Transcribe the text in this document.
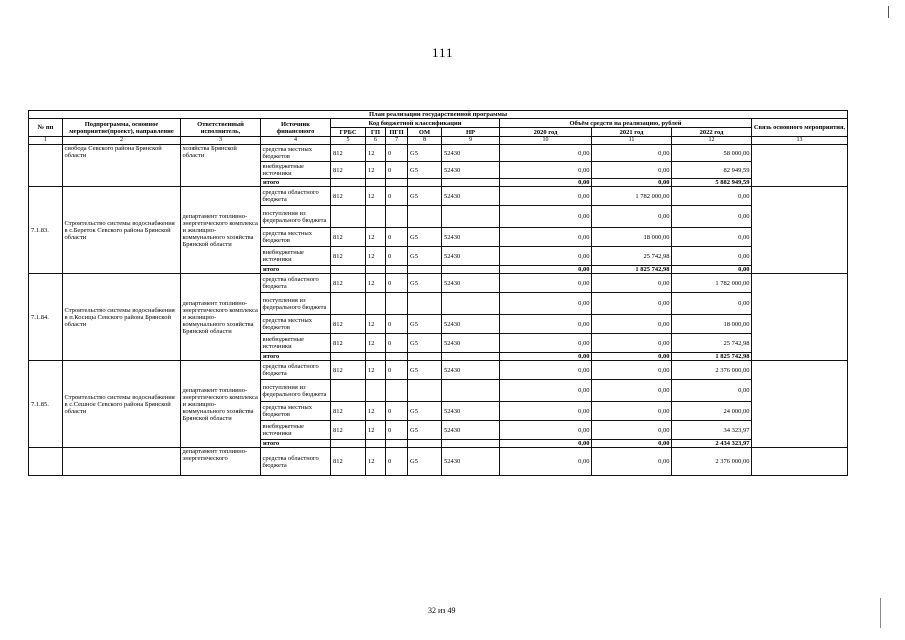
111
План реализации государственной программы												
№ пп	Подпрограмма, основное мероприятие(проект), направление	Ответственный исполнитель,	Источник финансового	Код бюджетной классификации					Объём средств на реализацию, рублей			Связь основного мероприятия,
				ГРБС	ГП	ПГП	ОМ	НР	2020 год	2021 год	2022 год	
1	2	3	4	5	6	7	8	9	10	11	12	13
	сиобода Севского района Брянской области	хозяйства Брянской области	средства местных бюджетов	812	12	0	G5	52430	0,00	0,00	58 000,00	
			внебюджетные источники	812	12	0	G5	52430	0,00	0,00	82 949,59	
			итого						0,00	0,00	5 882 949,59	
7.1.83.	Строительство системы водоснабжения в с.Береток Севского района Брянской области	департамент топливно-энергетического комплекса и жилищно-коммунального хозяйства Брянской области	средства областного бюджета	812	12	0	G5	52430	0,00	1 782 000,00	0,00	
			поступления из федерального бюджета						0,00	0,00	0,00	
			средства местных бюджетов	812	12	0	G5	52430	0,00	18 000,00	0,00	
			внебюджетные источники	812	12	0	G5	52430	0,00	25 742,98	0,00	
			итого						0,00	1 825 742,98	0,00	
7.1.84.	Строительство системы водоснабжения в п.Косицы Севского района Брянской области	департамент топливно-энергетического комплекса и жилищно-коммунального хозяйства Брянской области	средства областного бюджета	812	12	0	G5	52430	0,00	0,00	1 782 000,00	
			поступления из федерального бюджета						0,00	0,00	0,00	
			средства местных бюджетов	812	12	0	G5	52430	0,00	0,00	18 000,00	
			внебюджетные источники	812	12	0	G5	52430	0,00	0,00	25 742,98	
			итого						0,00	0,00	1 825 742,98	
7.1.85.	Строительство системы водоснабжения в с.Сешное Севского района Брянской области	департамент топливно-энергетического комплекса и жилищно-коммунального хозяйства Брянской области	средства областного бюджета	812	12	0	G5	52430	0,00	0,00	2 376 000,00	
			поступления из федерального бюджета						0,00	0,00	0,00	
			средства местных бюджетов	812	12	0	G5	52430	0,00	0,00	24 000,00	
			внебюджетные источники	812	12	0	G5	52430	0,00	0,00	34 323,97	
			итого						0,00	0,00	2 434 323,97	
		департамент топливно-энергетического	средства областного бюджета	812	12	0	G5	52430	0,00	0,00	2 376 000,00	
32 из 49
